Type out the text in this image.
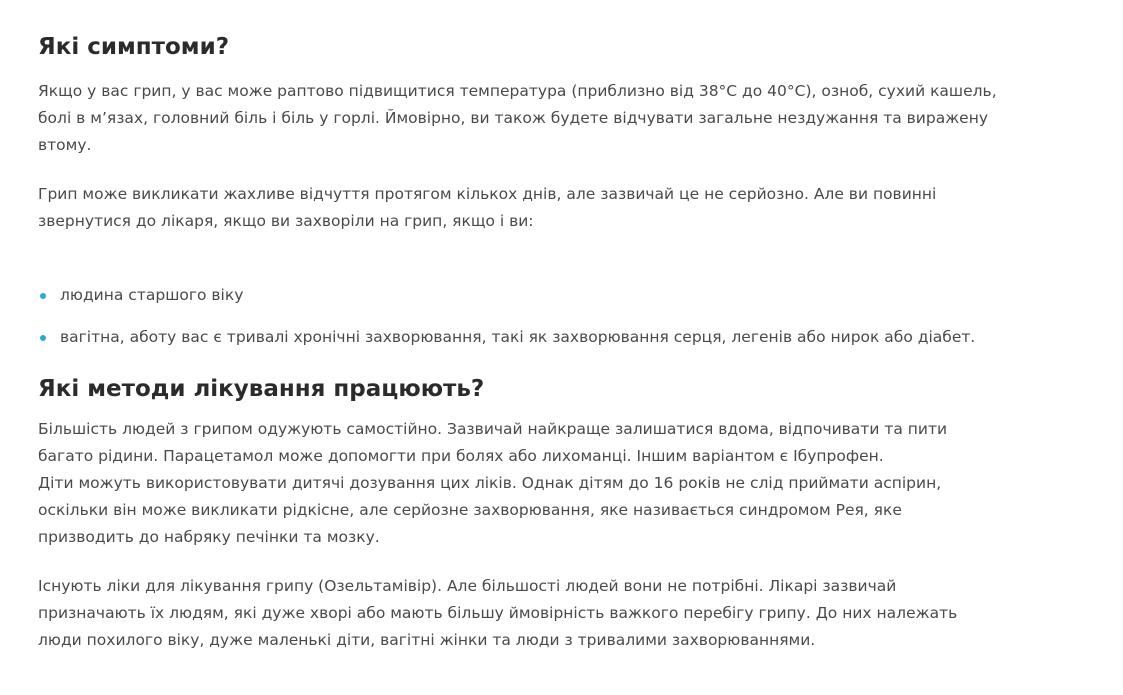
Які симптоми?

Якщо у вас грип, у вас може раптово підвищитися температура (приблизно від 38°C до 40°C), озноб, сухий кашель, болі в м’язах, головний біль і біль у горлі. Ймовірно, ви також будете відчувати загальне нездужання та виражену втому.

Грип може викликати жахливе відчуття протягом кількох днів, але зазвичай це не серйозно. Але ви повинні звернутися до лікаря, якщо ви захворіли на грип, якщо і ви:

людина старшого віку
вагітна, аботу вас є тривалі хронічні захворювання, такі як захворювання серця, легенів або нирок або діабет.
Які методи лікування працюють?

Більшість людей з грипом одужують самостійно. Зазвичай найкраще залишатися вдома, відпочивати та пити багато рідини. Парацетамол може допомогти при болях або лихоманці. Іншим варіантом є Ібупрофен.

Діти можуть використовувати дитячі дозування цих ліків. Однак дітям до 16 років не слід приймати аспірин, оскільки він може викликати рідкісне, але серйозне захворювання, яке називається синдромом Рея, яке призводить до набряку печінки та мозку.

Існують ліки для лікування грипу (Озельтамівір). Але більшості людей вони не потрібні. Лікарі зазвичай призначають їх людям, які дуже хворі або мають більшу ймовірність важкого перебігу грипу. До них належать люди похилого віку, дуже маленькі діти, вагітні жінки та люди з тривалими захворюваннями.
